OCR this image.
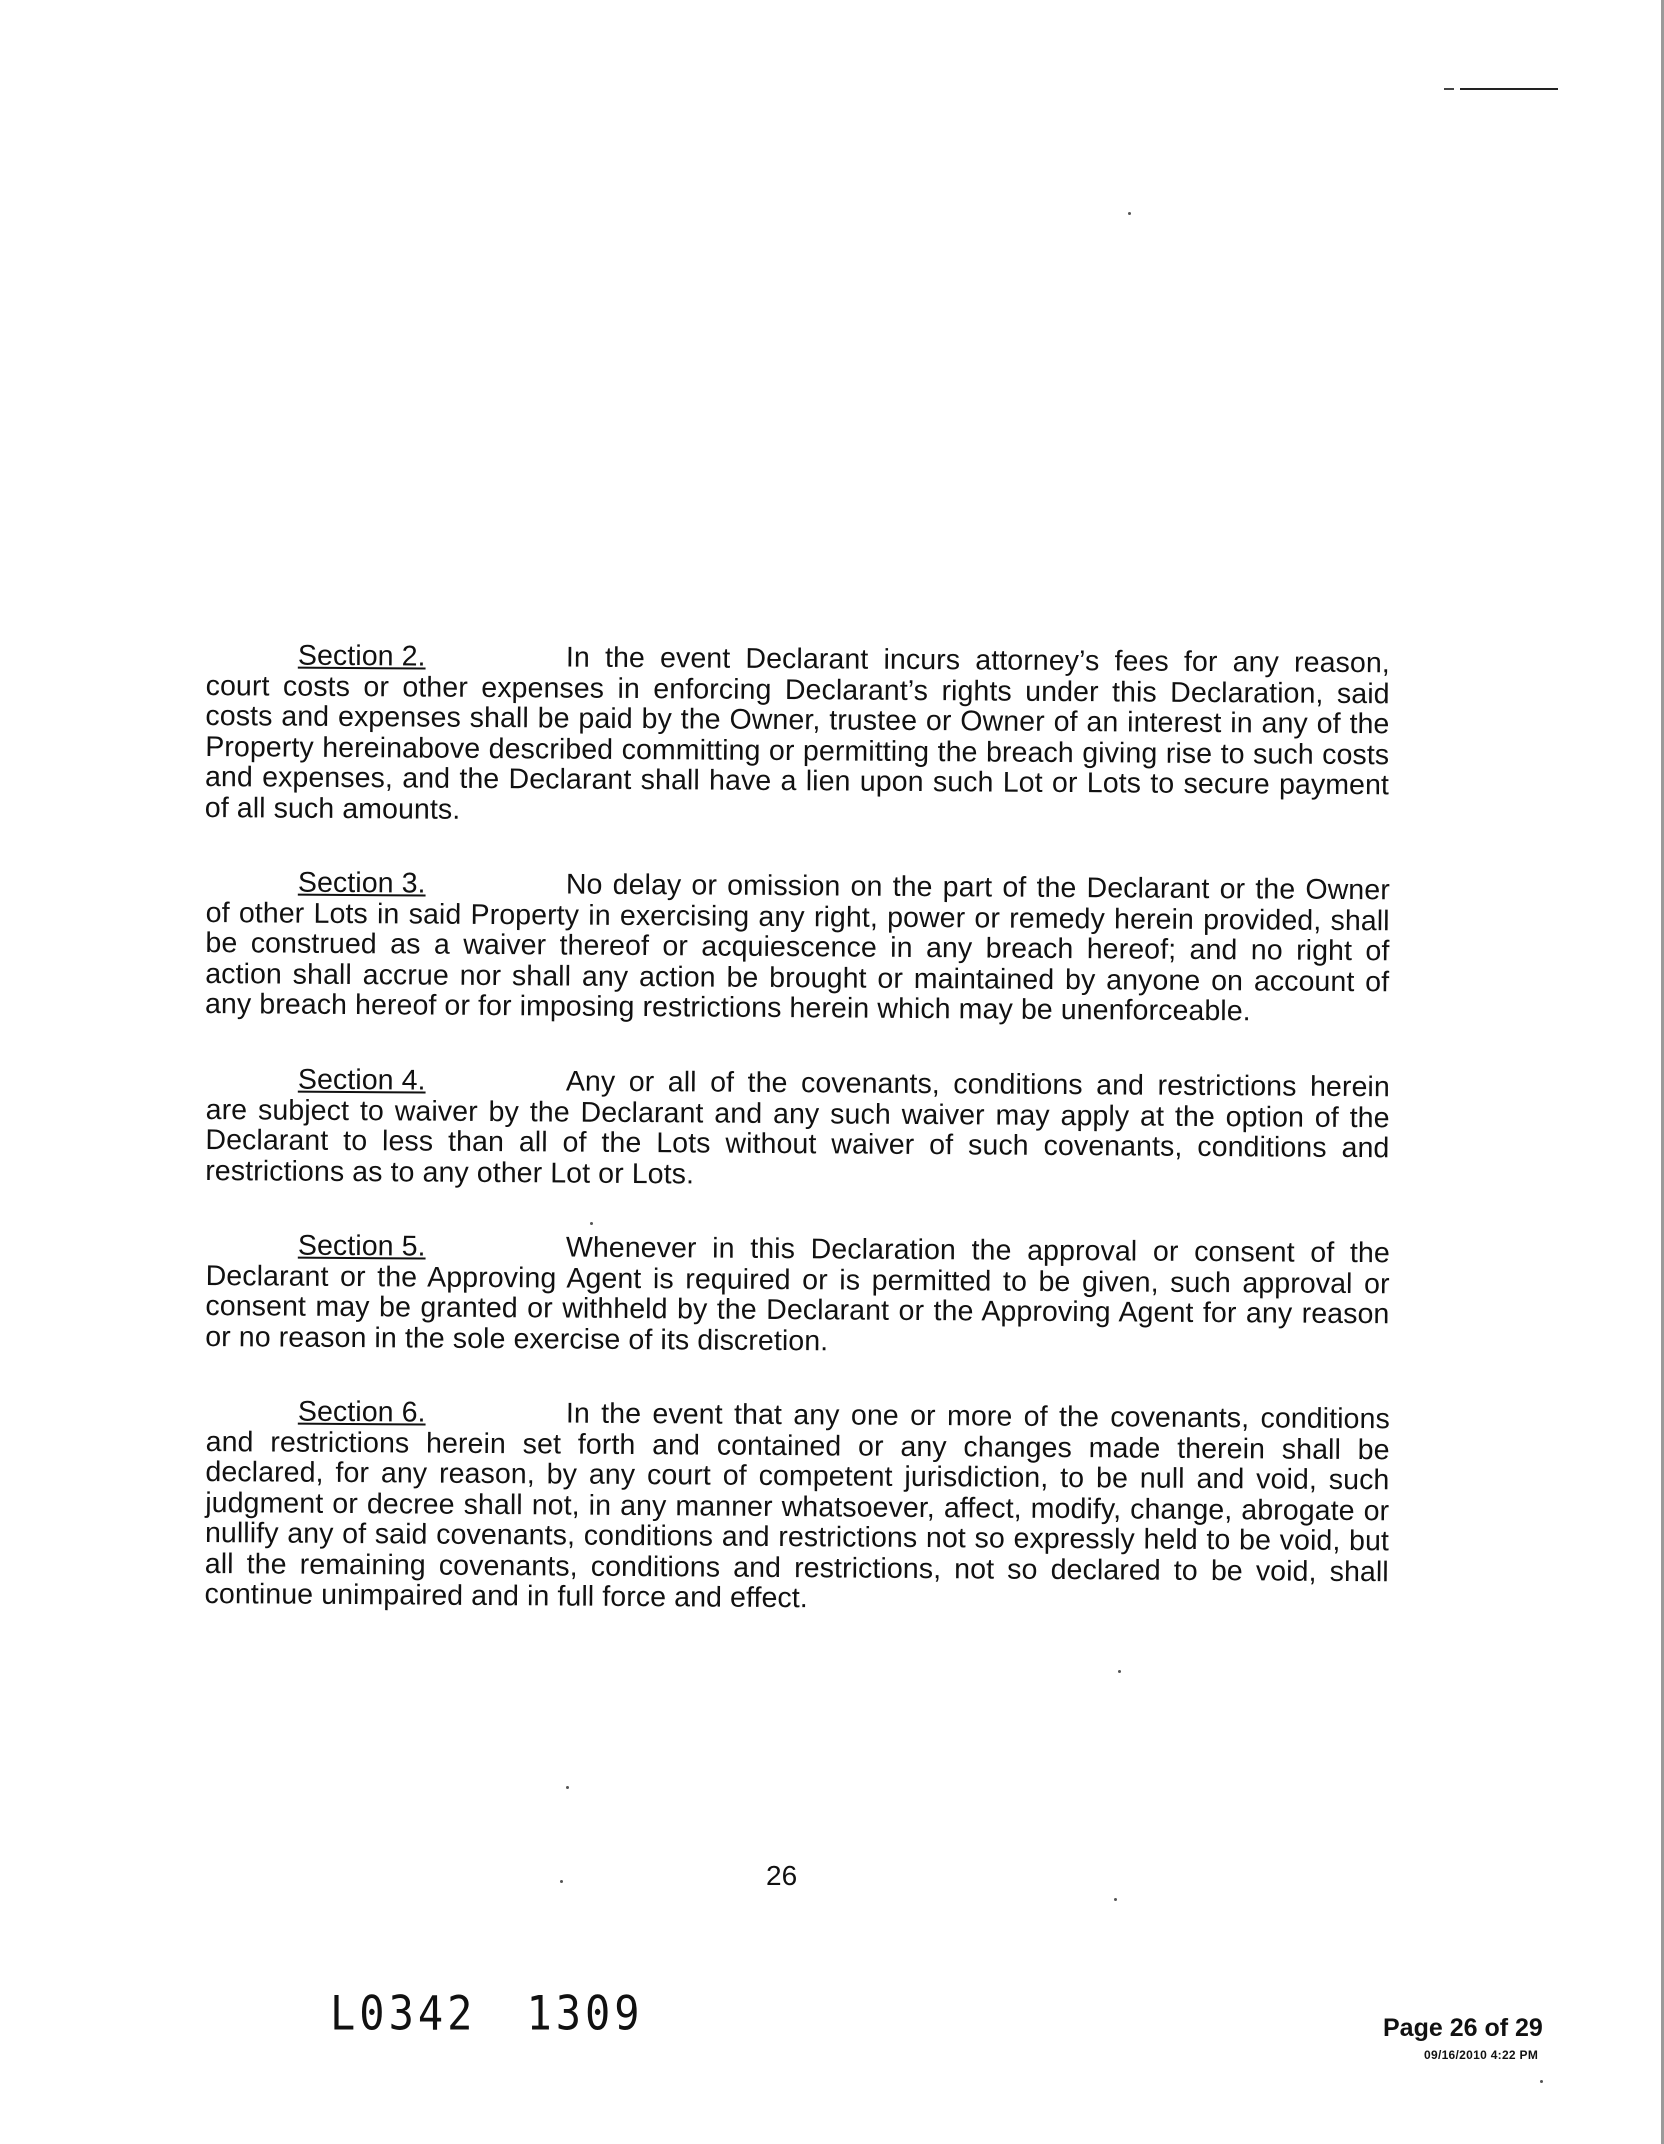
Section 2.	In the event Declarant incurs attorney’s fees for any reason, court costs or other expenses in enforcing Declarant’s rights under this Declaration, said costs and expenses shall be paid by the Owner, trustee or Owner of an interest in any of the Property hereinabove described committing or permitting the breach giving rise to such costs and expenses, and the Declarant shall have a lien upon such Lot or Lots to secure payment of all such amounts.

Section 3.	No delay or omission on the part of the Declarant or the Owner of other Lots in said Property in exercising any right, power or remedy herein provided, shall be construed as a waiver thereof or acquiescence in any breach hereof; and no right of action shall accrue nor shall any action be brought or maintained by anyone on account of any breach hereof or for imposing restrictions herein which may be unenforceable.

Section 4.	Any or all of the covenants, conditions and restrictions herein are subject to waiver by the Declarant and any such waiver may apply at the option of the Declarant to less than all of the Lots without waiver of such covenants, conditions and restrictions as to any other Lot or Lots.

Section 5.	Whenever in this Declaration the approval or consent of the Declarant or the Approving Agent is required or is permitted to be given, such approval or consent may be granted or withheld by the Declarant or the Approving Agent for any reason or no reason in the sole exercise of its discretion.

Section 6.	In the event that any one or more of the covenants, conditions and restrictions herein set forth and contained or any changes made therein shall be declared, for any reason, by any court of competent jurisdiction, to be null and void, such judgment or decree shall not, in any manner whatsoever, affect, modify, change, abrogate or nullify any of said covenants, conditions and restrictions not so expressly held to be void, but all the remaining covenants, conditions and restrictions, not so declared to be void, shall continue unimpaired and in full force and effect.

26
L0342 1309	Page 26 of 29
09/16/2010 4:22 PM
